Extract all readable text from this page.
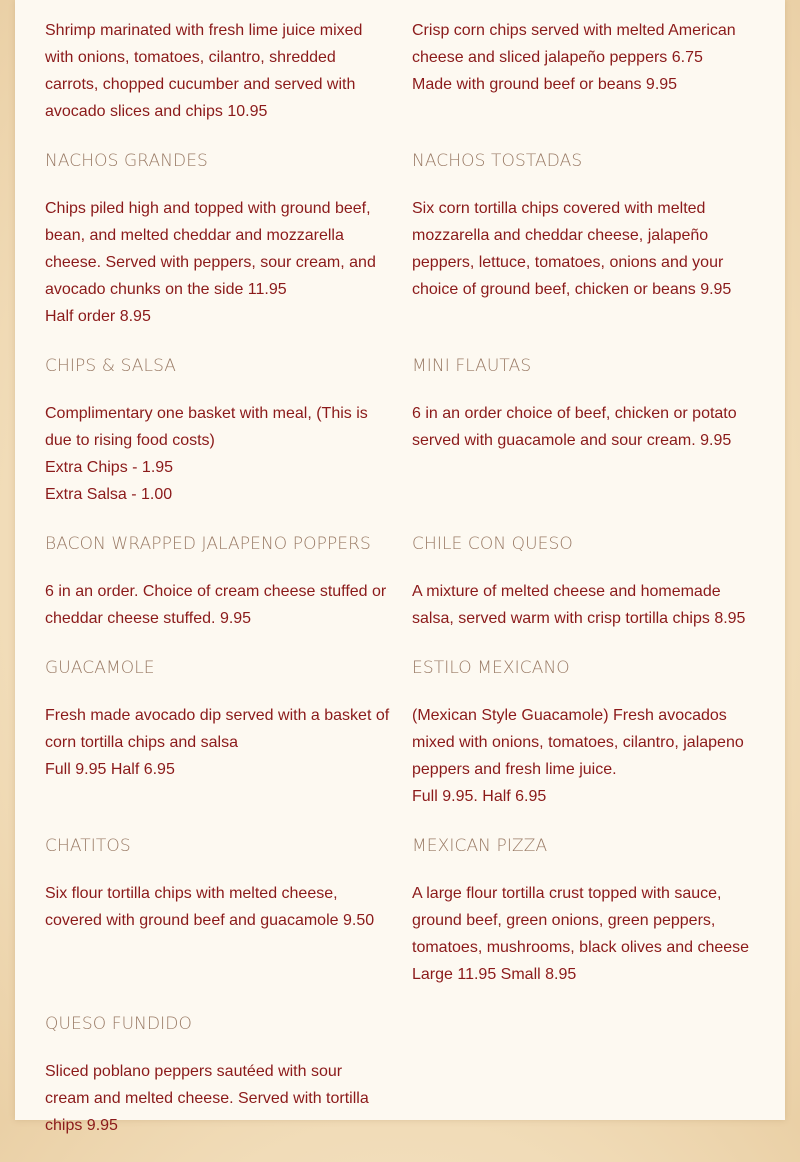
Shrimp marinated with fresh lime juice mixed with onions, tomatoes, cilantro, shredded carrots, chopped cucumber and served with avocado slices and chips 10.95

Crisp corn chips served with melted American cheese and sliced jalapeño peppers 6.75

Made with ground beef or beans 9.95

NACHOS GRANDES

Chips piled high and topped with ground beef, bean, and melted cheddar and mozzarella cheese. Served with peppers, sour cream, and avocado chunks on the side 11.95

Half order 8.95

NACHOS TOSTADAS

Six corn tortilla chips covered with melted mozzarella and cheddar cheese, jalapeño peppers, lettuce, tomatoes, onions and your choice of ground beef, chicken or beans 9.95

CHIPS & SALSA

Complimentary one basket with meal, (This is due to rising food costs)

Extra Chips - 1.95

Extra Salsa - 1.00

MINI FLAUTAS

6 in an order choice of beef, chicken or potato served with guacamole and sour cream. 9.95

BACON WRAPPED JALAPENO POPPERS

6 in an order. Choice of cream cheese stuffed or cheddar cheese stuffed. 9.95

CHILE CON QUESO

A mixture of melted cheese and homemade salsa, served warm with crisp tortilla chips 8.95

GUACAMOLE

Fresh made avocado dip served with a basket of corn tortilla chips and salsa

Full 9.95 Half 6.95

ESTILO MEXICANO

(Mexican Style Guacamole) Fresh avocados mixed with onions, tomatoes, cilantro, jalapeno peppers and fresh lime juice.

Full 9.95. Half 6.95

CHATITOS

Six flour tortilla chips with melted cheese, covered with ground beef and guacamole 9.50

MEXICAN PIZZA

A large flour tortilla crust topped with sauce, ground beef, green onions, green peppers, tomatoes, mushrooms, black olives and cheese

Large 11.95 Small 8.95

QUESO FUNDIDO

Sliced poblano peppers sautéed with sour cream and melted cheese. Served with tortilla chips 9.95
